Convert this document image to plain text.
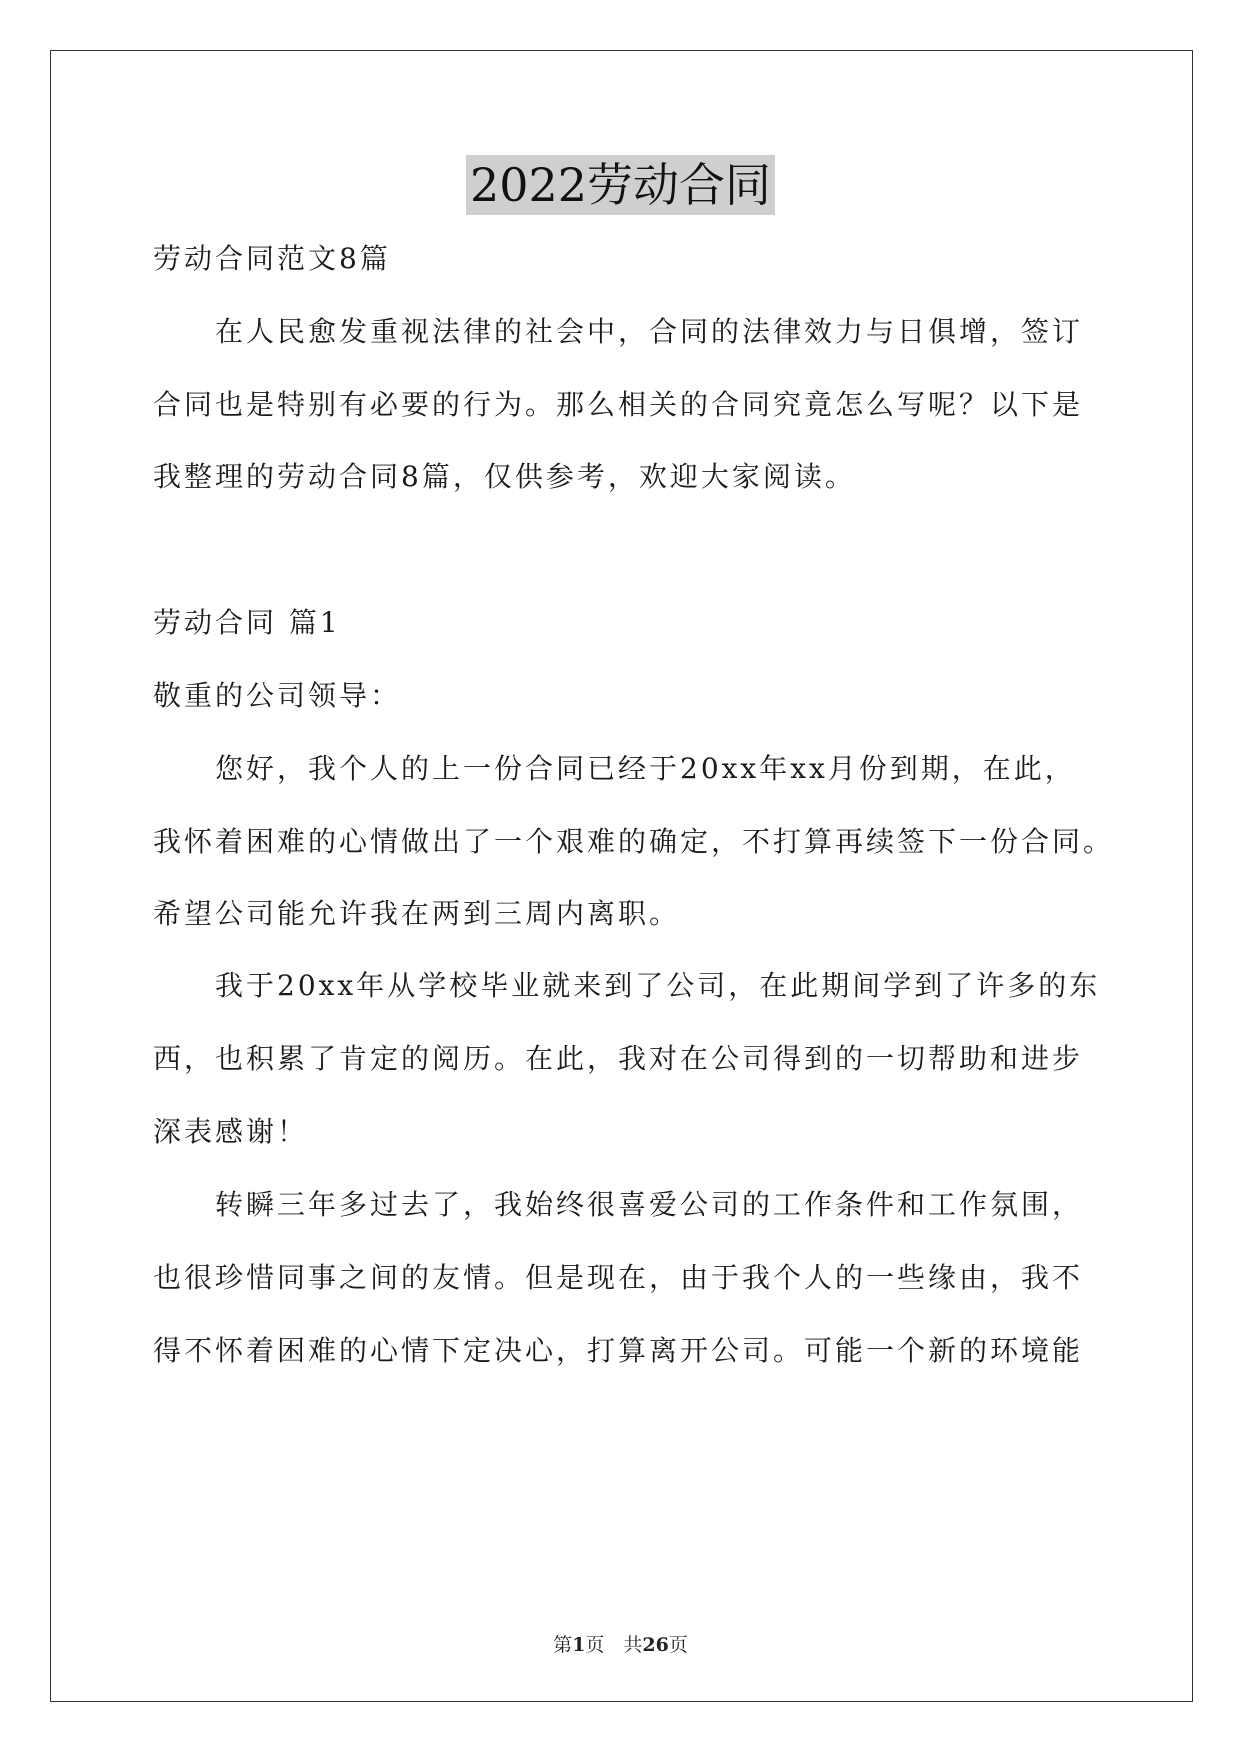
2022劳动合同
劳动合同范文8篇
在人民愈发重视法律的社会中，合同的法律效力与日俱增，签订
合同也是特别有必要的行为。那么相关的合同究竟怎么写呢？以下是
我整理的劳动合同8篇，仅供参考，欢迎大家阅读。
劳动合同 篇1
敬重的公司领导：
您好，我个人的上一份合同已经于20xx年xx月份到期，在此，
我怀着困难的心情做出了一个艰难的确定，不打算再续签下一份合同。
希望公司能允许我在两到三周内离职。
我于20xx年从学校毕业就来到了公司，在此期间学到了许多的东
西，也积累了肯定的阅历。在此，我对在公司得到的一切帮助和进步
深表感谢！
转瞬三年多过去了，我始终很喜爱公司的工作条件和工作氛围，
也很珍惜同事之间的友情。但是现在，由于我个人的一些缘由，我不
得不怀着困难的心情下定决心，打算离开公司。可能一个新的环境能
第1页　共26页
